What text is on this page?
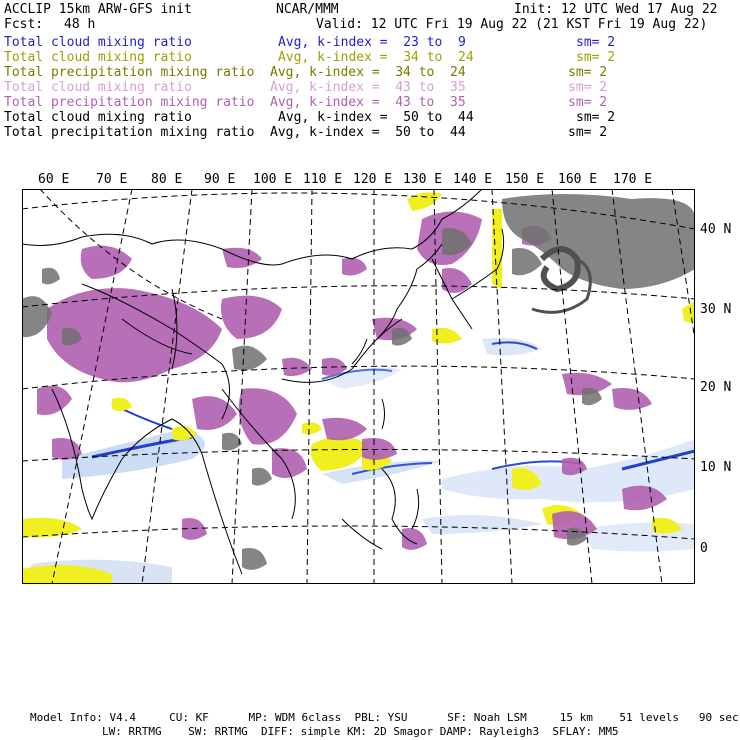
ACCLIP 15km ARW-GFS init	NCAR/MMM	Init: 12 UTC Wed 17 Aug 22
Fcst: 48 h	Valid: 12 UTC Fri 19 Aug 22 (21 KST Fri 19 Aug 22)
Total cloud mixing ratio	Avg, k-index =  23 to  9	sm= 2
Total cloud mixing ratio	Avg, k-index =  34 to  24	sm= 2
Total precipitation mixing ratio Avg, k-index =  34 to  24	sm= 2
Total cloud mixing ratio	Avg, k-index =  43 to  35	sm= 2
Total precipitation mixing ratio Avg, k-index =  43 to  35	sm= 2
Total cloud mixing ratio	Avg, k-index =  50 to  44	sm= 2
Total precipitation mixing ratio Avg, k-index =  50 to  44	sm= 2
60 E 70 E 80 E 90 E 100 E 110 E 120 E 130 E 140 E 150 E 160 E 170 E
40 N
30 N
20 N
10 N
0
Model Info: V4.4     CU: KF      MP: WDM 6class  PBL: YSU      SF: Noah LSM     15 km    51 levels   90 sec
LW: RRTMG    SW: RRTMG  DIFF: simple KM: 2D Smagor DAMP: Rayleigh3  SFLAY: MM5
